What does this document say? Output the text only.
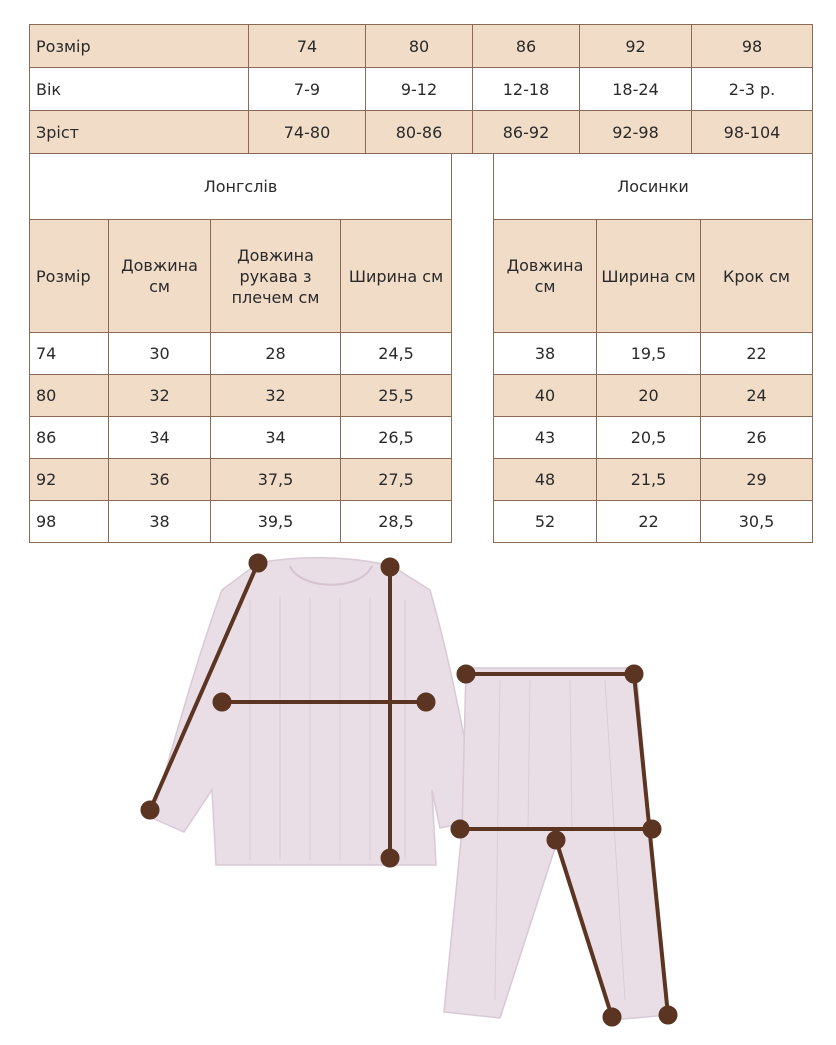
Розмір	74	80	86	92	98
Вік	7-9	9-12	12-18	18-24	2-3 р.
Зріст	74-80	80-86	86-92	92-98	98-104
Лонгслів			
Розмір	Довжина см	Довжина рукава з плечем см	Ширина см
74	30	28	24,5
80	32	32	25,5
86	34	34	26,5
92	36	37,5	27,5
98	38	39,5	28,5
Лосинки		
Довжина см	Ширина см	Крок см
38	19,5	22
40	20	24
43	20,5	26
48	21,5	29
52	22	30,5
